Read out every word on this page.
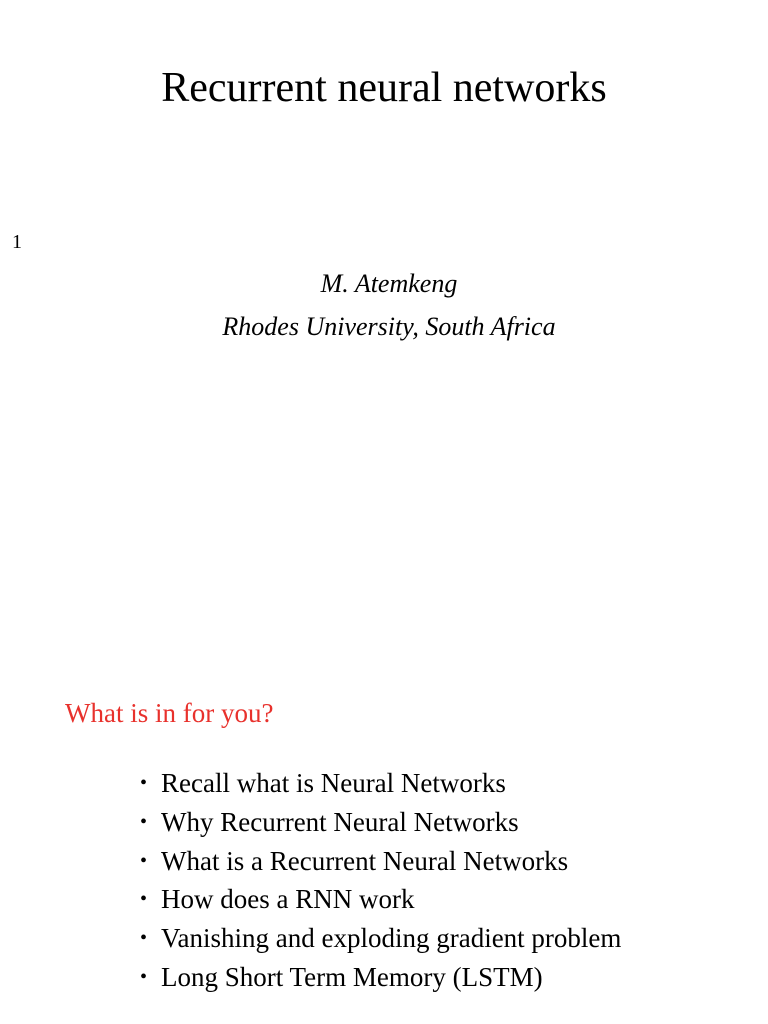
Recurrent neural networks
1
M. Atemkeng
Rhodes University, South Africa
What is in for you?
• Recall what is Neural Networks
• Why Recurrent Neural Networks
• What is a Recurrent Neural Networks
• How does a RNN work
• Vanishing and exploding gradient problem
• Long Short Term Memory (LSTM)
